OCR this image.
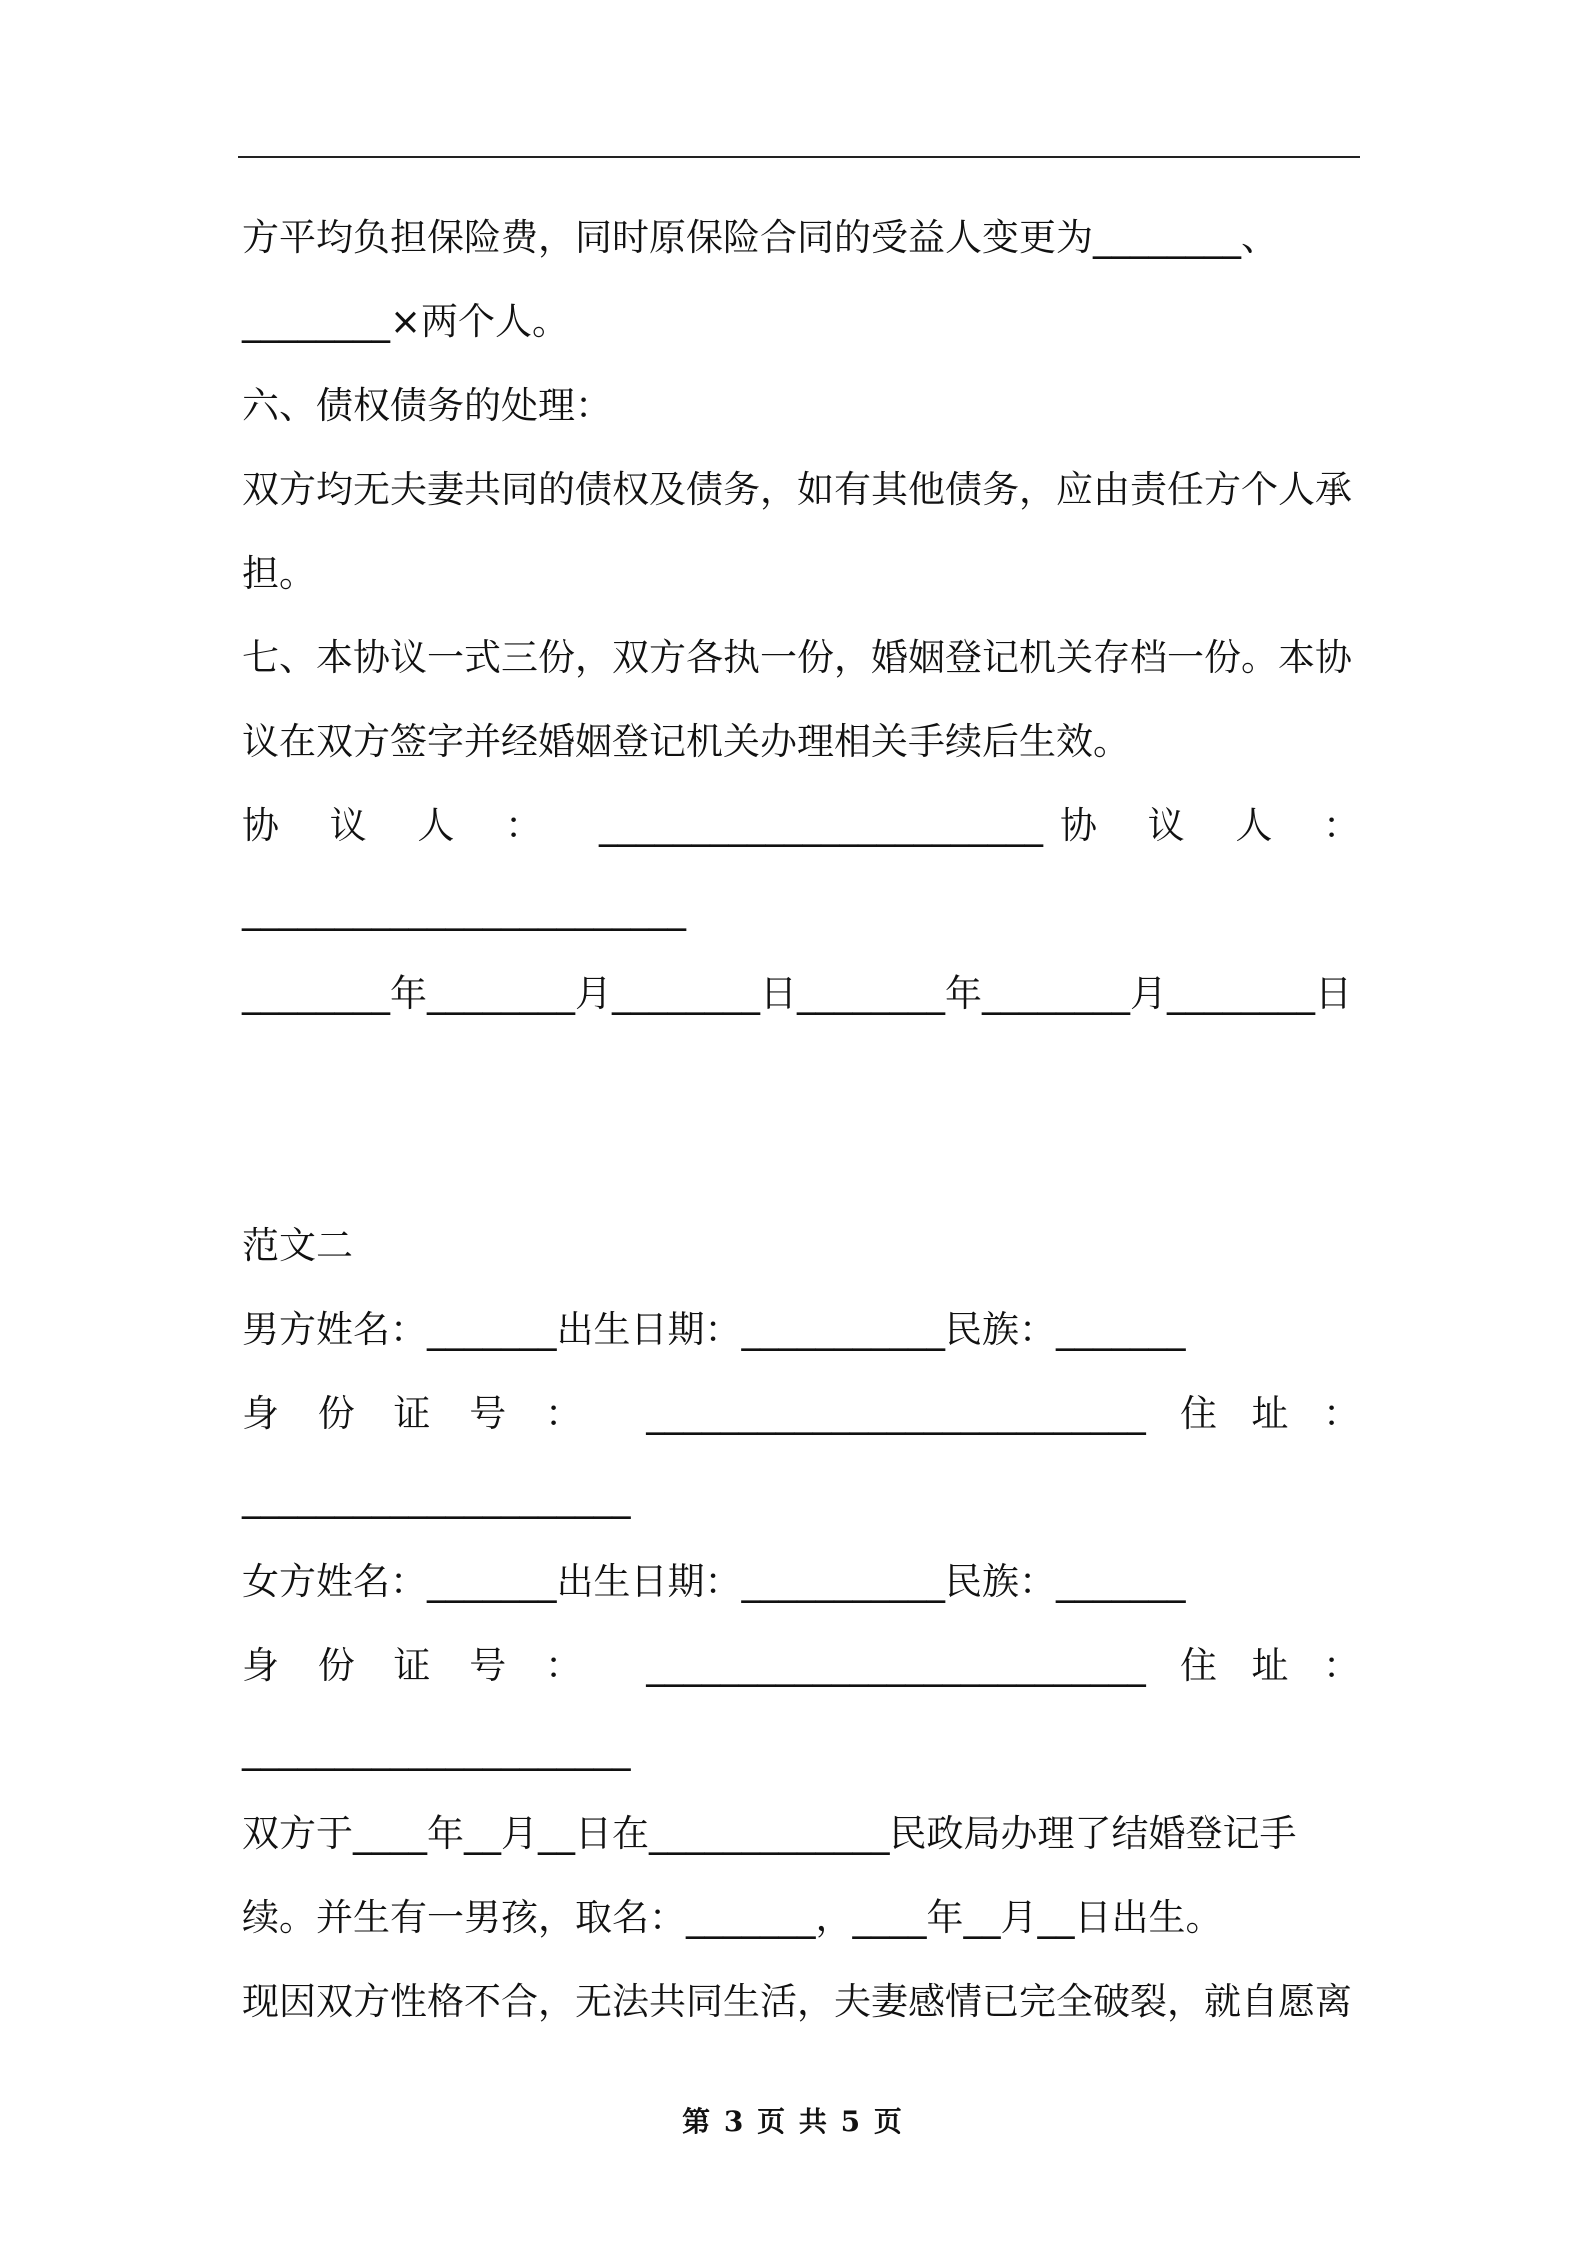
方平均负担保险费，同时原保险合同的受益人变更为________、
________×两个人。
六、债权债务的处理：
双方均无夫妻共同的债权及债务，如有其他债务，应由责任方个人承
担。
七、本协议一式三份，双方各执一份，婚姻登记机关存档一份。本协
议在双方签字并经婚姻登记机关办理相关手续后生效。
协 议 人 ： ________________________ 协 议 人 ：
________________________
________年________月________日________年________月________日
范文二
男方姓名：_______出生日期：___________民族：_______
身 份 证 号 ： ___________________________ 住 址 ：
_____________________
女方姓名：_______出生日期：___________民族：_______
身 份 证 号 ： ___________________________ 住 址 ：
_____________________
双方于____年__月__日在_____________民政局办理了结婚登记手
续。并生有一男孩，取名：_______，____年__月__日出生。
现因双方性格不合，无法共同生活，夫妻感情已完全破裂，就自愿离
第 3 页 共 5 页
